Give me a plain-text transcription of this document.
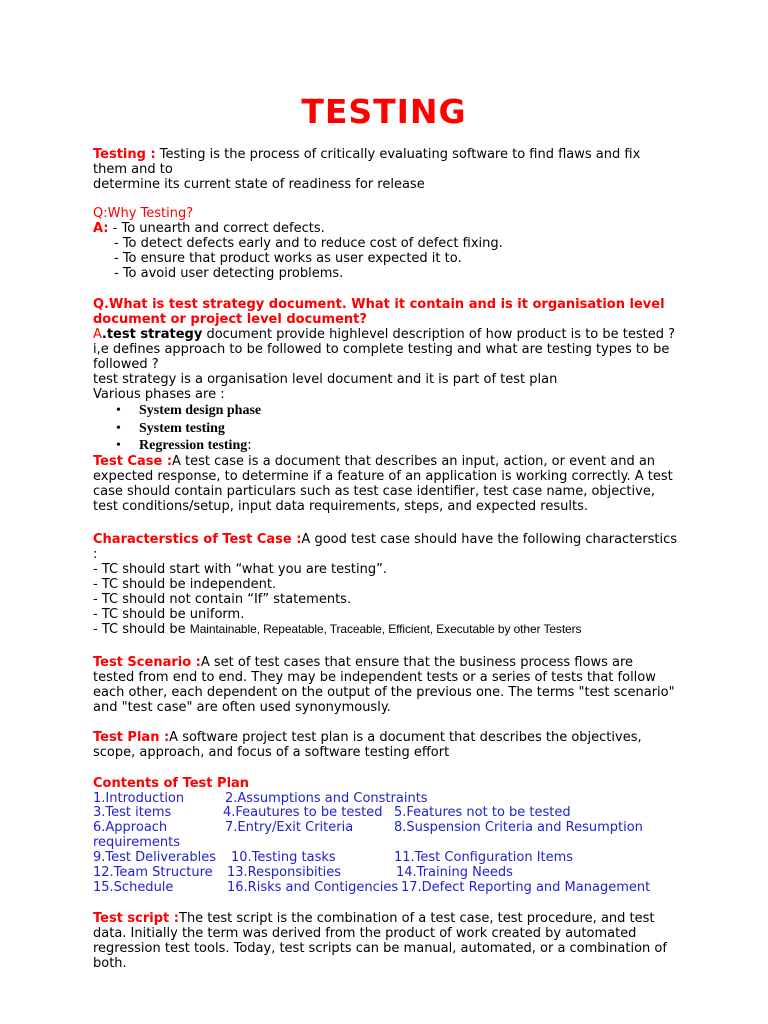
TESTING
Testing : Testing is the process of critically evaluating software to find flaws and fix
them and to
determine its current state of readiness for release
Q:Why Testing?
A: - To unearth and correct defects.
- To detect defects early and to reduce cost of defect fixing.
- To ensure that product works as user expected it to.
- To avoid user detecting problems.
Q.What is test strategy document. What it contain and is it organisation level
document or project level document?
A.test strategy document provide highlevel description of how product is to be tested ?
i,e defines approach to be followed to complete testing and what are testing types to be
followed ?
test strategy is a organisation level document and it is part of test plan
Various phases are :
• System design phase
• System testing
• Regression testing:
Test Case :A test case is a document that describes an input, action, or event and an
expected response, to determine if a feature of an application is working correctly. A test
case should contain particulars such as test case identifier, test case name, objective,
test conditions/setup, input data requirements, steps, and expected results.
Characterstics of Test Case :A good test case should have the following characterstics
:
- TC should start with “what you are testing”.
- TC should be independent.
- TC should not contain “If” statements.
- TC should be uniform.
- TC should be Maintainable, Repeatable, Traceable, Efficient, Executable by other Testers
Test Scenario :A set of test cases that ensure that the business process flows are
tested from end to end. They may be independent tests or a series of tests that follow
each other, each dependent on the output of the previous one. The terms "test scenario"
and "test case" are often used synonymously.
Test Plan :A software project test plan is a document that describes the objectives,
scope, approach, and focus of a software testing effort
Contents of Test Plan
1.Introduction	2.Assumptions and Constraints
3.Test items	4.Feautures to be tested 5.Features not to be tested
6.Approach	7.Entry/Exit Criteria	8.Suspension Criteria and Resumption
requirements
9.Test Deliverables 10.Testing tasks	11.Test Configuration Items
12.Team Structure 13.Responsibities	14.Training Needs
15.Schedule	16.Risks and Contigencies 17.Defect Reporting and Management
Test script :The test script is the combination of a test case, test procedure, and test
data. Initially the term was derived from the product of work created by automated
regression test tools. Today, test scripts can be manual, automated, or a combination of
both.
